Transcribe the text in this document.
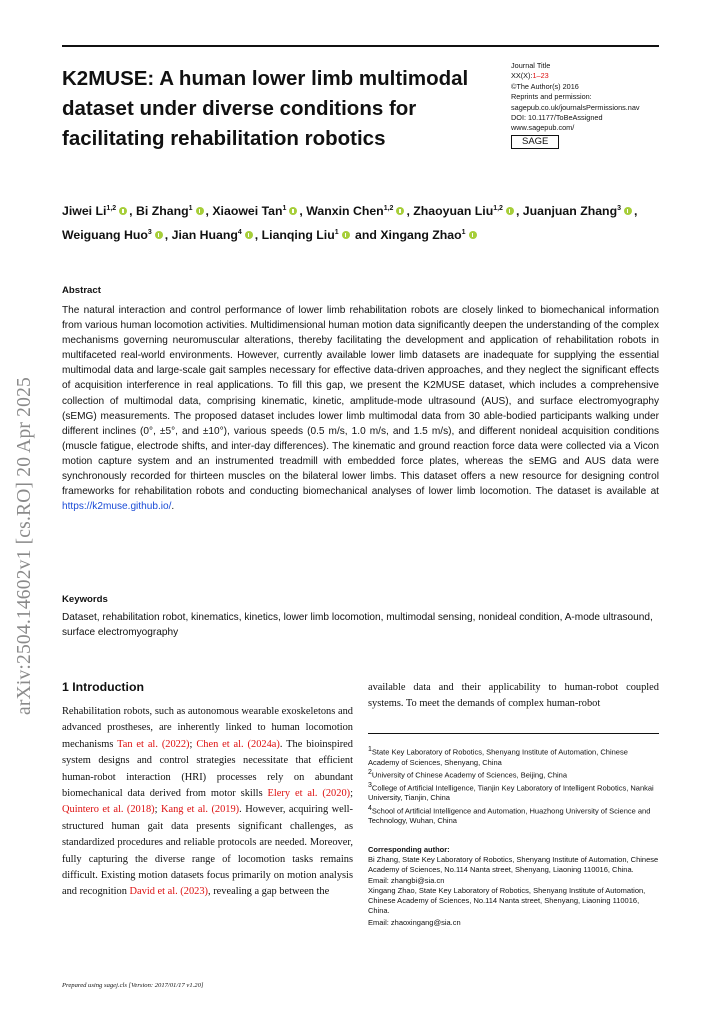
K2MUSE: A human lower limb multimodal dataset under diverse conditions for facilitating rehabilitation robotics
Journal Title
XX(X):1–23
©The Author(s) 2016
Reprints and permission:
sagepub.co.uk/journalsPermissions.nav
DOI: 10.1177/ToBeAssigned
www.sagepub.com/
SAGE
Jiwei Li$^{1,2}$ , Bi Zhang$^1$ , Xiaowei Tan$^1$ , Wanxin Chen$^{1,2}$ , Zhaoyuan Liu$^{1,2}$ , Juanjuan Zhang$^3$ , Weiguang Huo$^3$ , Jian Huang$^4$ , Lianqing Liu$^1$ and Xingang Zhao$^1$
Abstract
The natural interaction and control performance of lower limb rehabilitation robots are closely linked to biomechanical information from various human locomotion activities. Multidimensional human motion data significantly deepen the understanding of the complex mechanisms governing neuromuscular alterations, thereby facilitating the development and application of rehabilitation robots in multifaceted real-world environments. However, currently available lower limb datasets are inadequate for supplying the essential multimodal data and large-scale gait samples necessary for effective data-driven approaches, and they neglect the significant effects of acquisition interference in real applications. To fill this gap, we present the K2MUSE dataset, which includes a comprehensive collection of multimodal data, comprising kinematic, kinetic, amplitude-mode ultrasound (AUS), and surface electromyography (sEMG) measurements. The proposed dataset includes lower limb multimodal data from 30 able-bodied participants walking under different inclines (0°, ±5°, and ±10°), various speeds (0.5 m/s, 1.0 m/s, and 1.5 m/s), and different nonideal acquisition conditions (muscle fatigue, electrode shifts, and inter-day differences). The kinematic and ground reaction force data were collected via a Vicon motion capture system and an instrumented treadmill with embedded force plates, whereas the sEMG and AUS data were synchronously recorded for thirteen muscles on the bilateral lower limbs. This dataset offers a new resource for designing control frameworks for rehabilitation robots and conducting biomechanical analyses of lower limb locomotion. The dataset is available at https://k2muse.github.io/.
Keywords
Dataset, rehabilitation robot, kinematics, kinetics, lower limb locomotion, multimodal sensing, nonideal condition, A-mode ultrasound, surface electromyography
arXiv:2504.14602v1 [cs.RO] 20 Apr 2025 1 Introduction
Rehabilitation robots, such as autonomous wearable exoskeletons and advanced prostheses, are inherently linked to human locomotion mechanisms Tan et al. (2022); Chen et al. (2024a). The bioinspired system designs and control strategies necessitate that efficient human-robot interaction (HRI) processes rely on abundant biomechanical data derived from motor skills Elery et al. (2020); Quintero et al. (2018); Kang et al. (2019). However, acquiring well-structured human gait data presents significant challenges, as standardized procedures and reliable protocols are needed. Moreover, fully capturing the diverse range of locomotion tasks remains difficult. Existing motion datasets focus primarily on motion analysis and recognition David et al. (2023), revealing a gap between the
available data and their applicability to human-robot coupled systems. To meet the demands of complex human-robot
$^1$State Key Laboratory of Robotics, Shenyang Institute of Automation, Chinese Academy of Sciences, Shenyang, China
$^2$University of Chinese Academy of Sciences, Beijing, China
$^3$College of Artificial Intelligence, Tianjin Key Laboratory of Intelligent Robotics, Nankai University, Tianjin, China
$^4$School of Artificial Intelligence and Automation, Huazhong University of Science and Technology, Wuhan, China
Corresponding author:
Bi Zhang, State Key Laboratory of Robotics, Shenyang Institute of Automation, Chinese Academy of Sciences, No.114 Nanta street, Shenyang, Liaoning 110016, China.
Email: zhangbi@sia.cn
Xingang Zhao, State Key Laboratory of Robotics, Shenyang Institute of Automation, Chinese Academy of Sciences, No.114 Nanta street, Shenyang, Liaoning 110016, China.
Email: zhaoxingang@sia.cn
Prepared using sagej.cls [Version: 2017/01/17 v1.20]
